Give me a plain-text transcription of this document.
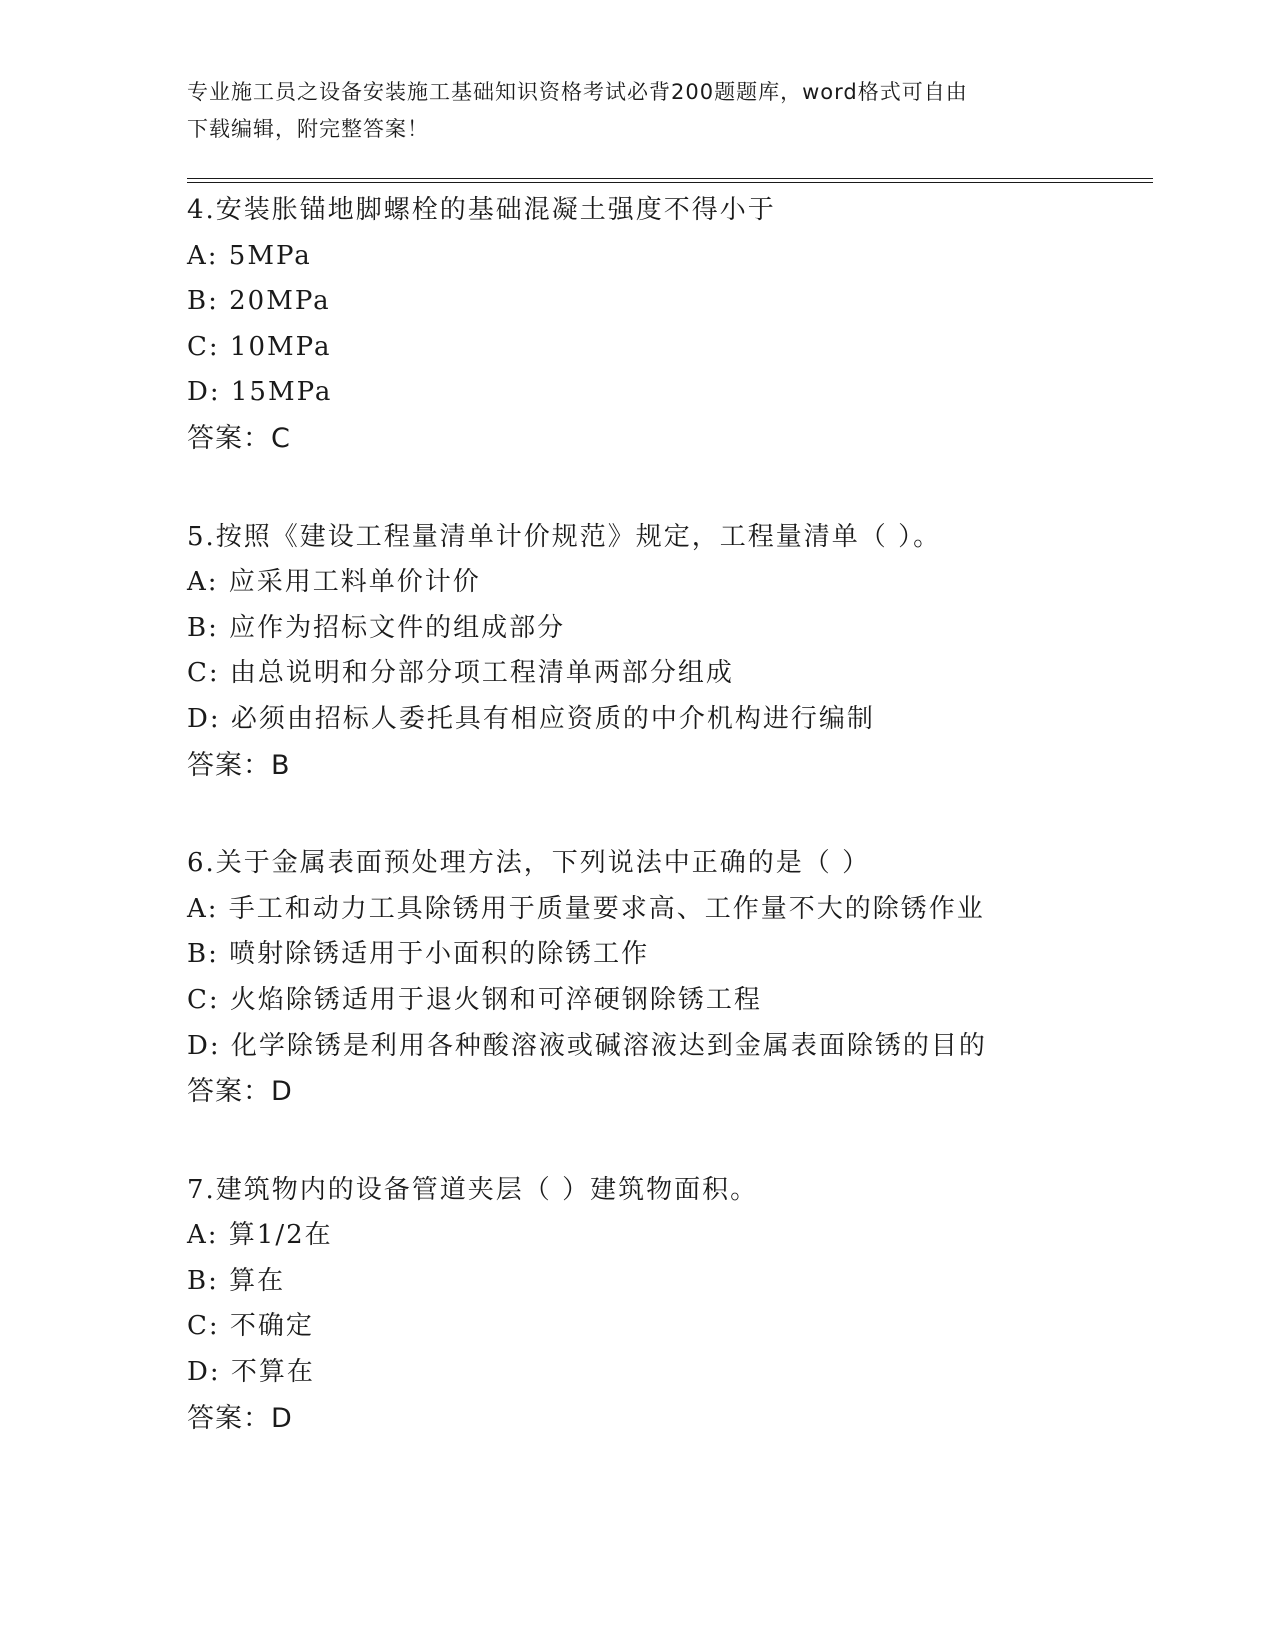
专业施工员之设备安装施工基础知识资格考试必背200题题库，word格式可自由
下载编辑，附完整答案！
4.安装胀锚地脚螺栓的基础混凝土强度不得小于
A: 5MPa
B: 20MPa
C: 10MPa
D: 15MPa
答案：C
5.按照《建设工程量清单计价规范》规定，工程量清单（ ）。
A: 应采用工料单价计价
B: 应作为招标文件的组成部分
C: 由总说明和分部分项工程清单两部分组成
D: 必须由招标人委托具有相应资质的中介机构进行编制
答案：B
6.关于金属表面预处理方法，下列说法中正确的是（ ）
A: 手工和动力工具除锈用于质量要求高、工作量不大的除锈作业
B: 喷射除锈适用于小面积的除锈工作
C: 火焰除锈适用于退火钢和可淬硬钢除锈工程
D: 化学除锈是利用各种酸溶液或碱溶液达到金属表面除锈的目的
答案：D
7.建筑物内的设备管道夹层（ ）建筑物面积。
A: 算1/2在
B: 算在
C: 不确定
D: 不算在
答案：D
